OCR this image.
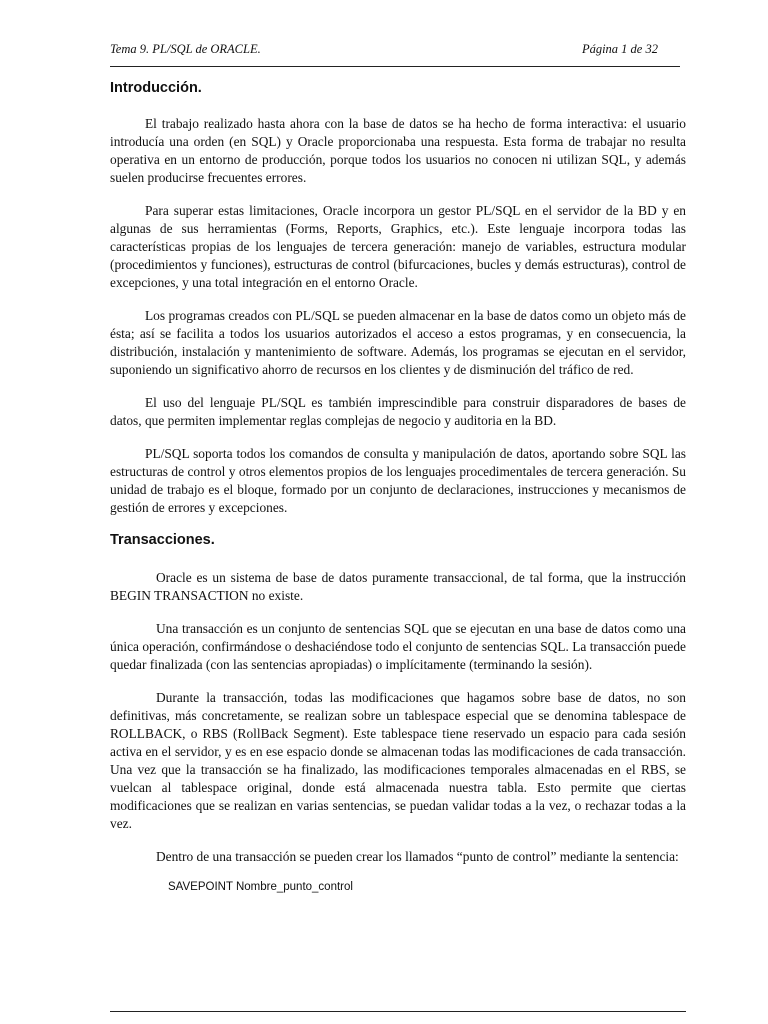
Tema 9. PL/SQL de ORACLE.	Página 1 de 32
Introducción.

El trabajo realizado hasta ahora con la base de datos se ha hecho de forma interactiva: el usuario introducía una orden (en SQL) y Oracle proporcionaba una respuesta. Esta forma de trabajar no resulta operativa en un entorno de producción, porque todos los usuarios no conocen ni utilizan SQL, y además suelen producirse frecuentes errores.

Para superar estas limitaciones, Oracle incorpora un gestor PL/SQL en el servidor de la BD y en algunas de sus herramientas (Forms, Reports, Graphics, etc.). Este lenguaje incorpora todas las características propias de los lenguajes de tercera generación: manejo de variables, estructura modular (procedimientos y funciones), estructuras de control (bifurcaciones, bucles y demás estructuras), control de excepciones, y una total integración en el entorno Oracle.

Los programas creados con PL/SQL se pueden almacenar en la base de datos como un objeto más de ésta; así se facilita a todos los usuarios autorizados el acceso a estos programas, y en consecuencia, la distribución, instalación y mantenimiento de software. Además, los programas se ejecutan en el servidor, suponiendo un significativo ahorro de recursos en los clientes y de disminución del tráfico de red.

El uso del lenguaje PL/SQL es también imprescindible para construir disparadores de bases de datos, que permiten implementar reglas complejas de negocio y auditoria en la BD.

PL/SQL soporta todos los comandos de consulta y manipulación de datos, aportando sobre SQL las estructuras de control y otros elementos propios de los lenguajes procedimentales de tercera generación. Su unidad de trabajo es el bloque, formado por un conjunto de declaraciones, instrucciones y mecanismos de gestión de errores y excepciones.

Transacciones.

Oracle es un sistema de base de datos puramente transaccional, de tal forma, que la instrucción BEGIN TRANSACTION no existe.

Una transacción es un conjunto de sentencias SQL que se ejecutan en una base de datos como una única operación, confirmándose o deshaciéndose todo el conjunto de sentencias SQL. La transacción puede quedar finalizada (con las sentencias apropiadas) o implícitamente (terminando la sesión).

Durante la transacción, todas las modificaciones que hagamos sobre base de datos, no son definitivas, más concretamente, se realizan sobre un tablespace especial que se denomina tablespace de ROLLBACK, o RBS (RollBack Segment). Este tablespace tiene reservado un espacio para cada sesión activa en el servidor, y es en ese espacio donde se almacenan todas las modificaciones de cada transacción. Una vez que la transacción se ha finalizado, las modificaciones temporales almacenadas en el RBS, se vuelcan al tablespace original, donde está almacenada nuestra tabla. Esto permite que ciertas modificaciones que se realizan en varias sentencias, se puedan validar todas a la vez, o rechazar todas a la vez.

Dentro de una transacción se pueden crear los llamados “punto de control” mediante la sentencia:

SAVEPOINT Nombre_punto_control
